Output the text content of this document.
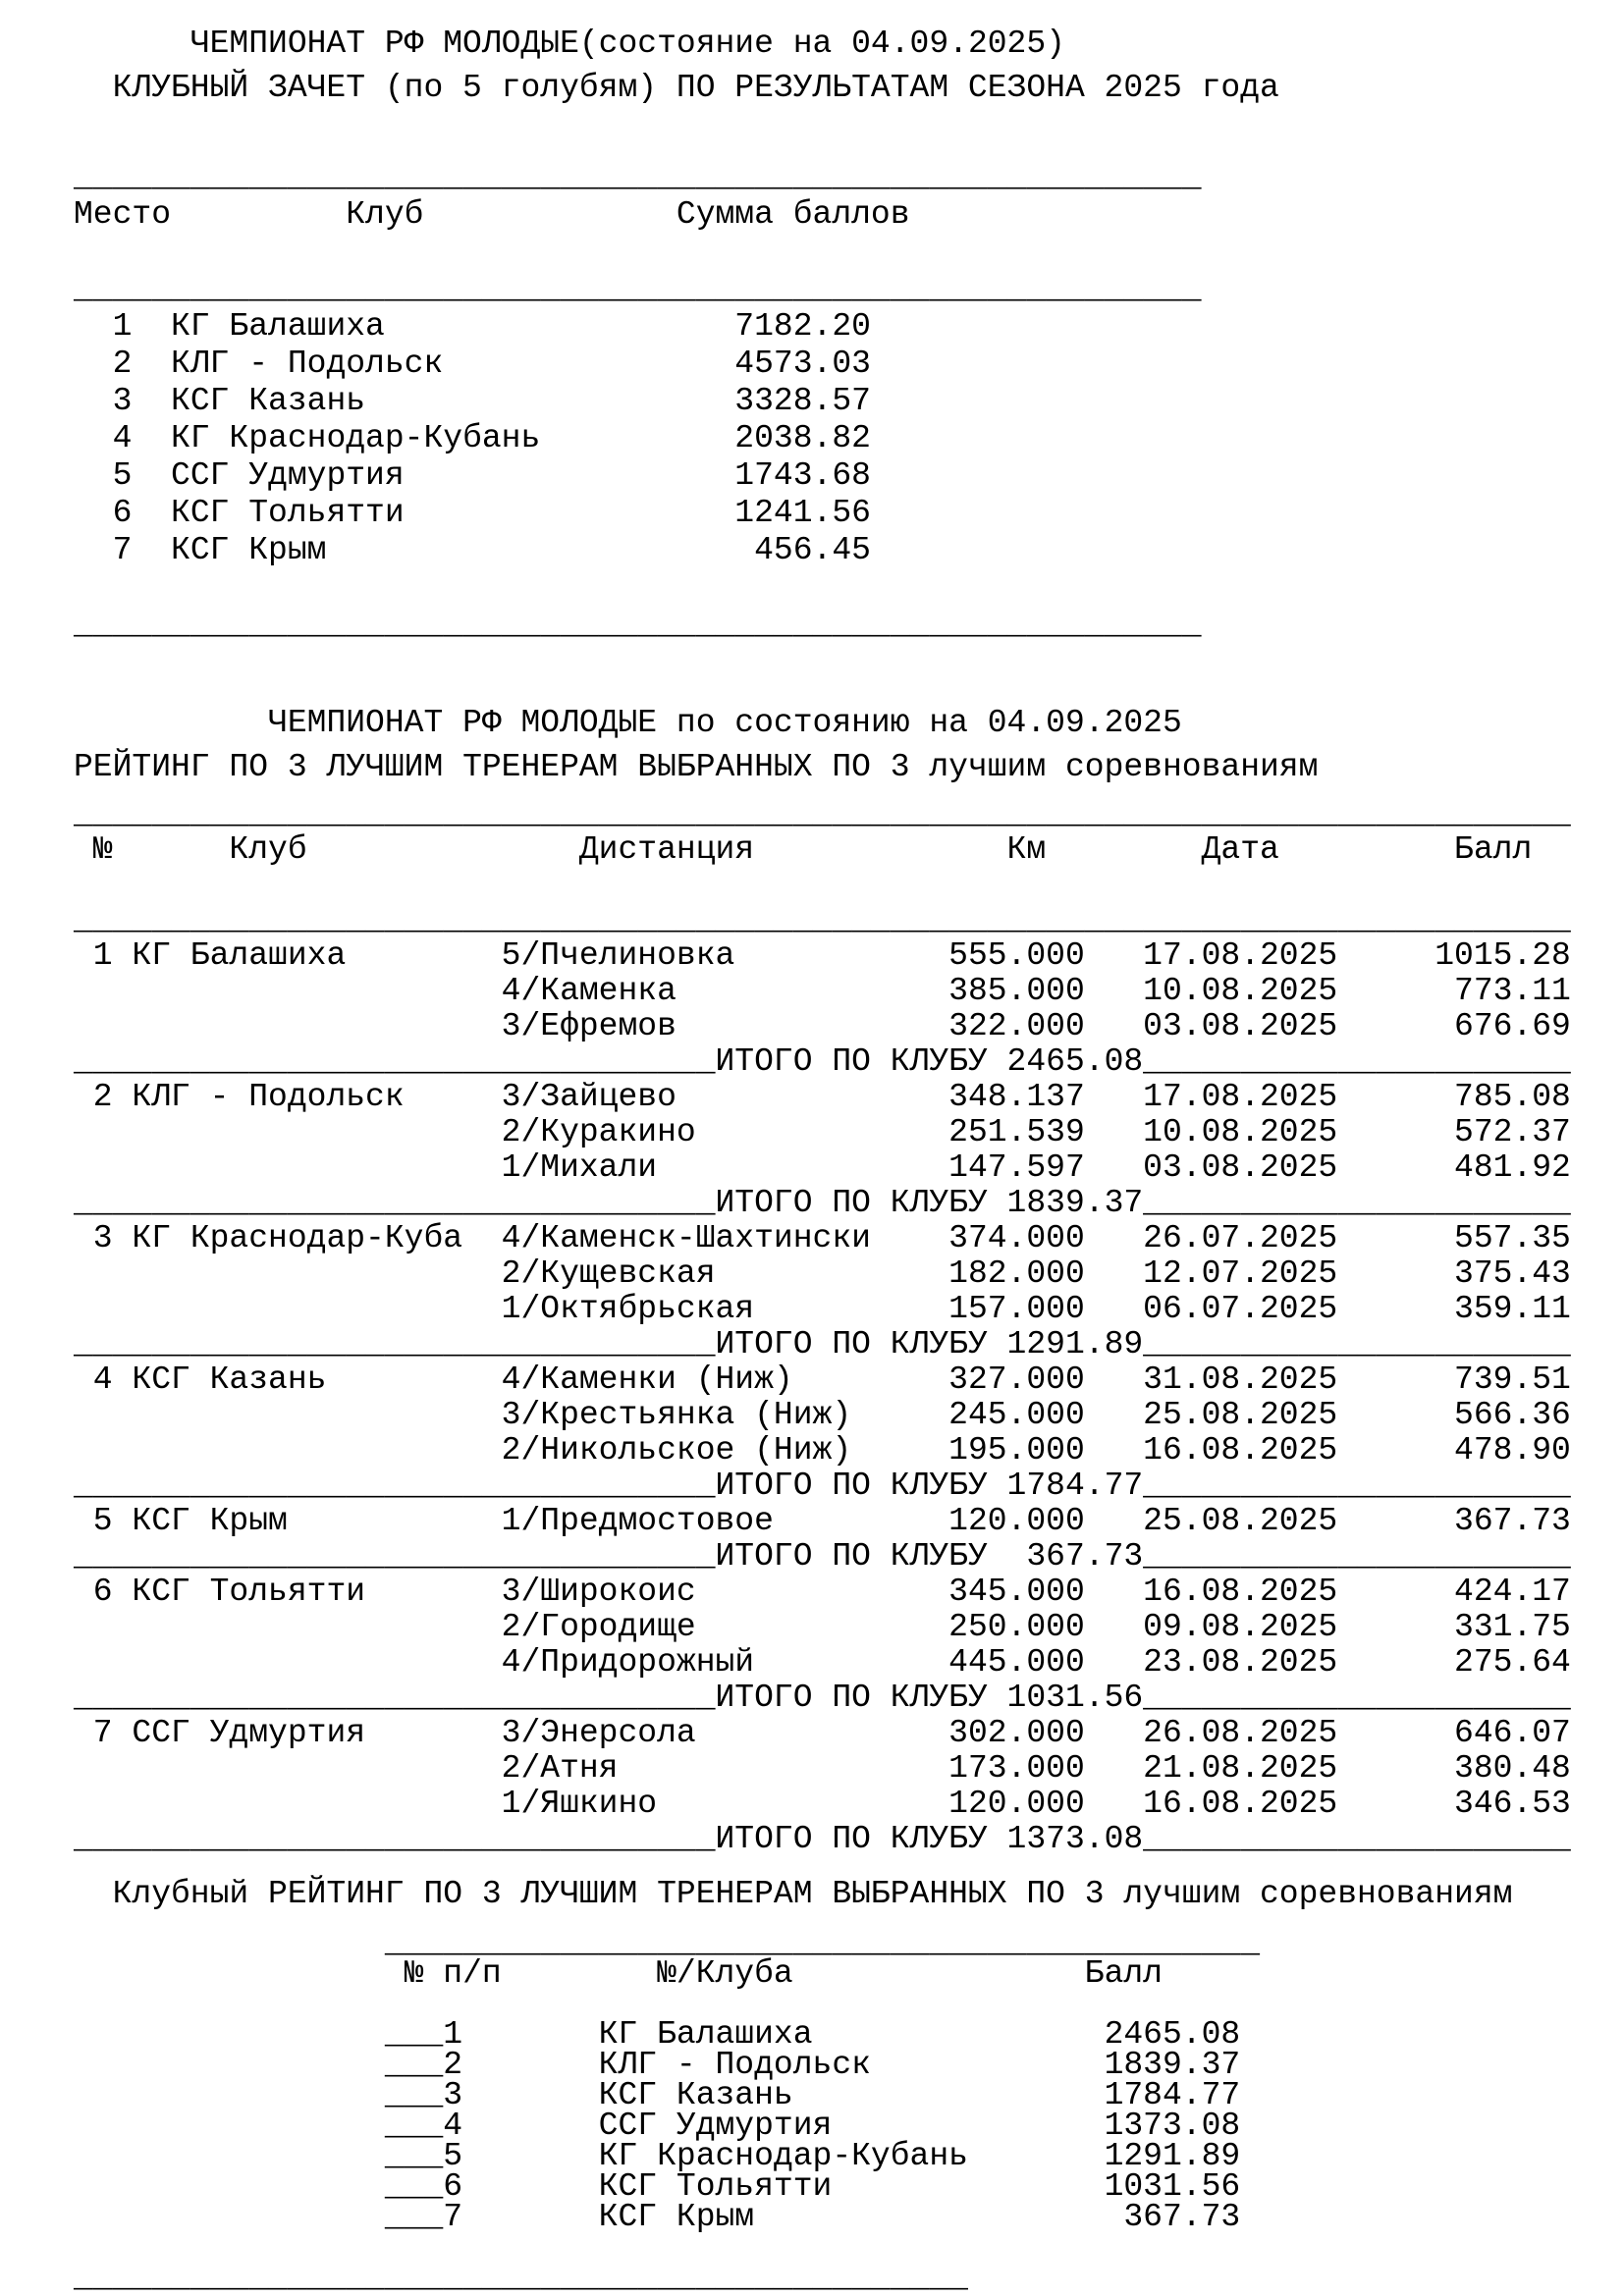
ЧЕМПИОНАТ РФ МОЛОДЫЕ(состояние на 04.09.2025)
КЛУБНЫЙ ЗАЧЕТ (по 5 голубям) ПО РЕЗУЛЬТАТАМ СЕЗОНА 2025 года
__________________________________________________________
Место         Клуб             Сумма баллов
__________________________________________________________
1  КГ Балашиха                  7182.20
2  КЛГ - Подольск               4573.03
3  КСГ Казань                   3328.57
4  КГ Краснодар-Кубань          2038.82
5  ССГ Удмуртия                 1743.68
6  КСГ Тольятти                 1241.56
7  КСГ Крым                      456.45
__________________________________________________________
ЧЕМПИОНАТ РФ МОЛОДЫЕ по состоянию на 04.09.2025
РЕЙТИНГ ПО 3 ЛУЧШИМ ТРЕНЕРАМ ВЫБРАННЫХ ПО 3 лучшим соревнованиям
_____________________________________________________________________________
№      Клуб              Дистанция             Км        Дата         Балл
_____________________________________________________________________________
1 КГ Балашиха        5/Пчелиновка           555.000   17.08.2025     1015.28
4/Каменка              385.000   10.08.2025      773.11
3/Ефремов              322.000   03.08.2025      676.69
_________________________________ИТОГО ПО КЛУБУ 2465.08______________________
2 КЛГ - Подольск     3/Зайцево              348.137   17.08.2025      785.08
2/Куракино             251.539   10.08.2025      572.37
1/Михали               147.597   03.08.2025      481.92
_________________________________ИТОГО ПО КЛУБУ 1839.37______________________
3 КГ Краснодар-Куба  4/Каменск-Шахтински    374.000   26.07.2025      557.35
2/Кущевская            182.000   12.07.2025      375.43
1/Октябрьская          157.000   06.07.2025      359.11
_________________________________ИТОГО ПО КЛУБУ 1291.89______________________
4 КСГ Казань         4/Каменки (Ниж)        327.000   31.08.2025      739.51
3/Крестьянка (Ниж)     245.000   25.08.2025      566.36
2/Никольское (Ниж)     195.000   16.08.2025      478.90
_________________________________ИТОГО ПО КЛУБУ 1784.77______________________
5 КСГ Крым           1/Предмостовое         120.000   25.08.2025      367.73
_________________________________ИТОГО ПО КЛУБУ  367.73______________________
6 КСГ Тольятти       3/Широкоис             345.000   16.08.2025      424.17
2/Городище             250.000   09.08.2025      331.75
4/Придорожный          445.000   23.08.2025      275.64
_________________________________ИТОГО ПО КЛУБУ 1031.56______________________
7 ССГ Удмуртия       3/Энерсола             302.000   26.08.2025      646.07
2/Атня                 173.000   21.08.2025      380.48
1/Яшкино               120.000   16.08.2025      346.53
_________________________________ИТОГО ПО КЛУБУ 1373.08______________________
Клубный РЕЙТИНГ ПО 3 ЛУЧШИМ ТРЕНЕРАМ ВЫБРАННЫХ ПО 3 лучшим соревнованиям
_____________________________________________
№ п/п        №/Клуба               Балл
___1       КГ Балашиха               2465.08
___2       КЛГ - Подольск            1839.37
___3       КСГ Казань                1784.77
___4       ССГ Удмуртия              1373.08
___5       КГ Краснодар-Кубань       1291.89
___6       КСГ Тольятти              1031.56
___7       КСГ Крым                   367.73
______________________________________________
